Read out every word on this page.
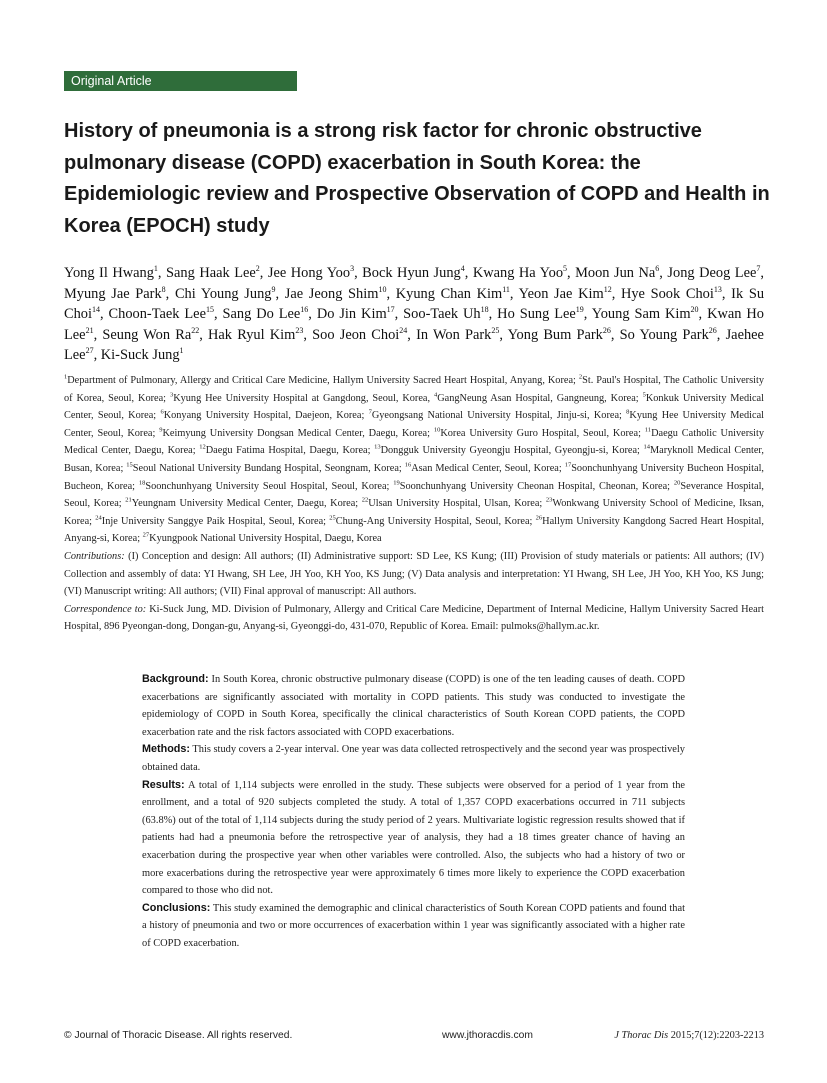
Original Article
History of pneumonia is a strong risk factor for chronic obstructive pulmonary disease (COPD) exacerbation in South Korea: the Epidemiologic review and Prospective Observation of COPD and Health in Korea (EPOCH) study
Yong Il Hwang$^1$, Sang Haak Lee$^2$, Jee Hong Yoo$^3$, Bock Hyun Jung$^4$, Kwang Ha Yoo$^5$, Moon Jun Na$^6$, Jong Deog Lee$^7$, Myung Jae Park$^8$, Chi Young Jung$^9$, Jae Jeong Shim$^{10}$, Kyung Chan Kim$^{11}$, Yeon Jae Kim$^{12}$, Hye Sook Choi$^{13}$, Ik Su Choi$^{14}$, Choon-Taek Lee$^{15}$, Sang Do Lee$^{16}$, Do Jin Kim$^{17}$, Soo-Taek Uh$^{18}$, Ho Sung Lee$^{19}$, Young Sam Kim$^{20}$, Kwan Ho Lee$^{21}$, Seung Won Ra$^{22}$, Hak Ryul Kim$^{23}$, Soo Jeon Choi$^{24}$, In Won Park$^{25}$, Yong Bum Park$^{26}$, So Young Park$^{26}$, Jaehee Lee$^{27}$, Ki-Suck Jung$^1$

$^1$Department of Pulmonary, Allergy and Critical Care Medicine, Hallym University Sacred Heart Hospital, Anyang, Korea; $^2$St. Paul's Hospital, The Catholic University of Korea, Seoul, Korea; $^3$Kyung Hee University Hospital at Gangdong, Seoul, Korea, $^4$GangNeung Asan Hospital, Gangneung, Korea; $^5$Konkuk University Medical Center, Seoul, Korea; $^6$Konyang University Hospital, Daejeon, Korea; $^7$Gyeongsang National University Hospital, Jinju-si, Korea; $^8$Kyung Hee University Medical Center, Seoul, Korea; $^9$Keimyung University Dongsan Medical Center, Daegu, Korea; $^{10}$Korea University Guro Hospital, Seoul, Korea; $^{11}$Daegu Catholic University Medical Center, Daegu, Korea; $^{12}$Daegu Fatima Hospital, Daegu, Korea; $^{13}$Dongguk University Gyeongju Hospital, Gyeongju-si, Korea; $^{14}$Maryknoll Medical Center, Busan, Korea; $^{15}$Seoul National University Bundang Hospital, Seongnam, Korea; $^{16}$Asan Medical Center, Seoul, Korea; $^{17}$Soonchunhyang University Bucheon Hospital, Bucheon, Korea; $^{18}$Soonchunhyang University Seoul Hospital, Seoul, Korea; $^{19}$Soonchunhyang University Cheonan Hospital, Cheonan, Korea; $^{20}$Severance Hospital, Seoul, Korea; $^{21}$Yeungnam University Medical Center, Daegu, Korea; $^{22}$Ulsan University Hospital, Ulsan, Korea; $^{23}$Wonkwang University School of Medicine, Iksan, Korea; $^{24}$Inje University Sanggye Paik Hospital, Seoul, Korea; $^{25}$Chung-Ang University Hospital, Seoul, Korea; $^{26}$Hallym University Kangdong Sacred Heart Hospital, Anyang-si, Korea; $^{27}$Kyungpook National University Hospital, Daegu, Korea

Contributions: (I) Conception and design: All authors; (II) Administrative support: SD Lee, KS Kung; (III) Provision of study materials or patients: All authors; (IV) Collection and assembly of data: YI Hwang, SH Lee, JH Yoo, KH Yoo, KS Jung; (V) Data analysis and interpretation: YI Hwang, SH Lee, JH Yoo, KH Yoo, KS Jung; (VI) Manuscript writing: All authors; (VII) Final approval of manuscript: All authors.

Correspondence to: Ki-Suck Jung, MD. Division of Pulmonary, Allergy and Critical Care Medicine, Department of Internal Medicine, Hallym University Sacred Heart Hospital, 896 Pyeongan-dong, Dongan-gu, Anyang-si, Gyeonggi-do, 431-070, Republic of Korea. Email: pulmoks@hallym.ac.kr.

Background: In South Korea, chronic obstructive pulmonary disease (COPD) is one of the ten leading causes of death. COPD exacerbations are significantly associated with mortality in COPD patients. This study was conducted to investigate the epidemiology of COPD in South Korea, specifically the clinical characteristics of South Korean COPD patients, the COPD exacerbation rate and the risk factors associated with COPD exacerbations.

Methods: This study covers a 2-year interval. One year was data collected retrospectively and the second year was prospectively obtained data.

Results: A total of 1,114 subjects were enrolled in the study. These subjects were observed for a period of 1 year from the enrollment, and a total of 920 subjects completed the study. A total of 1,357 COPD exacerbations occurred in 711 subjects (63.8%) out of the total of 1,114 subjects during the study period of 2 years. Multivariate logistic regression results showed that if patients had had a pneumonia before the retrospective year of analysis, they had a 18 times greater chance of having an exacerbation during the prospective year when other variables were controlled. Also, the subjects who had a history of two or more exacerbations during the retrospective year were approximately 6 times more likely to experience the COPD exacerbation compared to those who did not.

Conclusions: This study examined the demographic and clinical characteristics of South Korean COPD patients and found that a history of pneumonia and two or more occurrences of exacerbation within 1 year was significantly associated with a higher rate of COPD exacerbation.

© Journal of Thoracic Disease. All rights reserved.	www.jthoracdis.com	J Thorac Dis 2015;7(12):2203-2213
